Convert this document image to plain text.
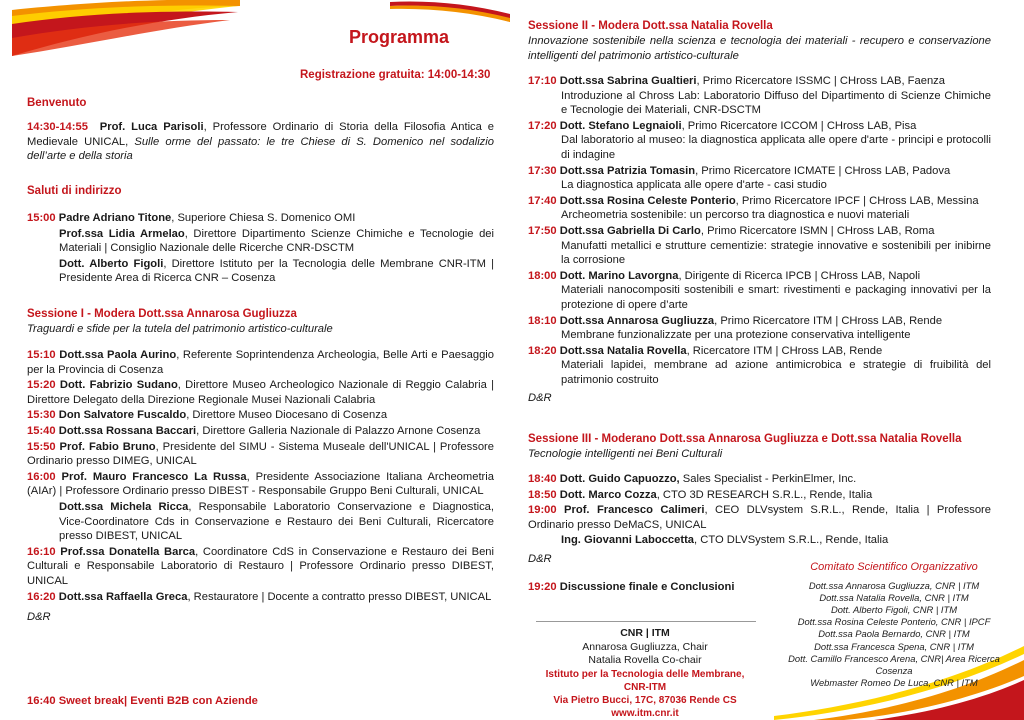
Programma
Registrazione gratuita: 14:00-14:30
Benvenuto
14:30-14:55 Prof. Luca Parisoli, Professore Ordinario di Storia della Filosofia Antica e Medievale UNICAL, Sulle orme del passato: le tre Chiese di S. Domenico nel sodalizio dell’arte e della storia
Saluti di indirizzo
15:00 Padre Adriano Titone, Superiore Chiesa S. Domenico OMI
Prof.ssa Lidia Armelao, Direttore Dipartimento Scienze Chimiche e Tecnologie dei Materiali | Consiglio Nazionale delle Ricerche CNR-DSCTM
Dott. Alberto Figoli, Direttore Istituto per la Tecnologia delle Membrane CNR-ITM | Presidente Area di Ricerca CNR – Cosenza
Sessione I - Modera Dott.ssa Annarosa Gugliuzza
Traguardi e sfide per la tutela del patrimonio artistico-culturale
15:10 Dott.ssa Paola Aurino, Referente Soprintendenza Archeologia, Belle Arti e Paesaggio per la Provincia di Cosenza
15:20 Dott. Fabrizio Sudano, Direttore Museo Archeologico Nazionale di Reggio Calabria | Direttore Delegato della Direzione Regionale Musei Nazionali Calabria
15:30 Don Salvatore Fuscaldo, Direttore Museo Diocesano di Cosenza
15:40 Dott.ssa Rossana Baccari, Direttore Galleria Nazionale di Palazzo Arnone Cosenza
15:50 Prof. Fabio Bruno, Presidente del SIMU - Sistema Museale dell'UNICAL | Professore Ordinario presso DIMEG, UNICAL
16:00 Prof. Mauro Francesco La Russa, Presidente Associazione Italiana Archeometria (AIAr) | Professore Ordinario presso DIBEST - Responsabile Gruppo Beni Culturali, UNICAL
Dott.ssa Michela Ricca, Responsabile Laboratorio Conservazione e Diagnostica, Vice-Coordinatore Cds in Conservazione e Restauro dei Beni Culturali, Ricercatore presso DIBEST, UNICAL
16:10 Prof.ssa Donatella Barca, Coordinatore CdS in Conservazione e Restauro dei Beni Culturali e Responsabile Laboratorio di Restauro | Professore Ordinario presso DIBEST, UNICAL
16:20 Dott.ssa Raffaella Greca, Restauratore | Docente a contratto presso DIBEST, UNICAL
D&R
16:40 Sweet break| Eventi B2B con Aziende
Sessione II - Modera Dott.ssa Natalia Rovella
Innovazione sostenibile nella scienza e tecnologia dei materiali - recupero e conservazione intelligenti del patrimonio artistico-culturale
17:10 Dott.ssa Sabrina Gualtieri, Primo Ricercatore ISSMC | CHross LAB, Faenza
Introduzione al Chross Lab: Laboratorio Diffuso del Dipartimento di Scienze Chimiche e Tecnologie dei Materiali, CNR-DSCTM
17:20 Dott. Stefano Legnaioli, Primo Ricercatore ICCOM | CHross LAB, Pisa
Dal laboratorio al museo: la diagnostica applicata alle opere d'arte - principi e protocolli di indagine
17:30 Dott.ssa Patrizia Tomasin, Primo Ricercatore ICMATE | CHross LAB, Padova
La diagnostica applicata alle opere d'arte - casi studio
17:40 Dott.ssa Rosina Celeste Ponterio, Primo Ricercatore IPCF | CHross LAB, Messina
Archeometria sostenibile: un percorso tra diagnostica e nuovi materiali
17:50 Dott.ssa Gabriella Di Carlo, Primo Ricercatore ISMN | CHross LAB, Roma
Manufatti metallici e strutture cementizie: strategie innovative e sostenibili per inibirne la corrosione
18:00 Dott. Marino Lavorgna, Dirigente di Ricerca IPCB | CHross LAB, Napoli
Materiali nanocompositi sostenibili e smart: rivestimenti e packaging innovativi per la protezione di opere d’arte
18:10 Dott.ssa Annarosa Gugliuzza, Primo Ricercatore ITM | CHross LAB, Rende
Membrane funzionalizzate per una protezione conservativa intelligente
18:20 Dott.ssa Natalia Rovella, Ricercatore ITM | CHross LAB, Rende
Materiali lapidei, membrane ad azione antimicrobica e strategie di fruibilità del patrimonio costruito
D&R
Sessione III - Moderano Dott.ssa Annarosa Gugliuzza e Dott.ssa Natalia Rovella
Tecnologie intelligenti nei Beni Culturali
18:40 Dott. Guido Capuozzo, Sales Specialist - PerkinElmer, Inc.
18:50 Dott. Marco Cozza, CTO 3D RESEARCH S.R.L., Rende, Italia
19:00 Prof. Francesco Calimeri, CEO DLVsystem S.R.L., Rende, Italia | Professore Ordinario presso DeMaCS, UNICAL
Ing. Giovanni Laboccetta, CTO DLVSystem S.R.L., Rende, Italia
D&R
19:20 Discussione finale e Conclusioni
Comitato Scientifico Organizzativo
Dott.ssa Annarosa Gugliuzza, CNR | ITM
Dott.ssa Natalia Rovella, CNR | ITM
Dott. Alberto Figoli, CNR | ITM
Dott.ssa Rosina Celeste Ponterio, CNR | IPCF
Dott.ssa Paola Bernardo, CNR | ITM
Dott.ssa Francesca Spena, CNR | ITM
Dott. Camillo Francesco Arena, CNR| Area Ricerca Cosenza
Webmaster Romeo De Luca, CNR | ITM
CNR | ITM
Annarosa Gugliuzza, Chair
Natalia Rovella Co-chair
Istituto per la Tecnologia delle Membrane, CNR-ITM
Via Pietro Bucci, 17C, 87036 Rende CS
www.itm.cnr.it
